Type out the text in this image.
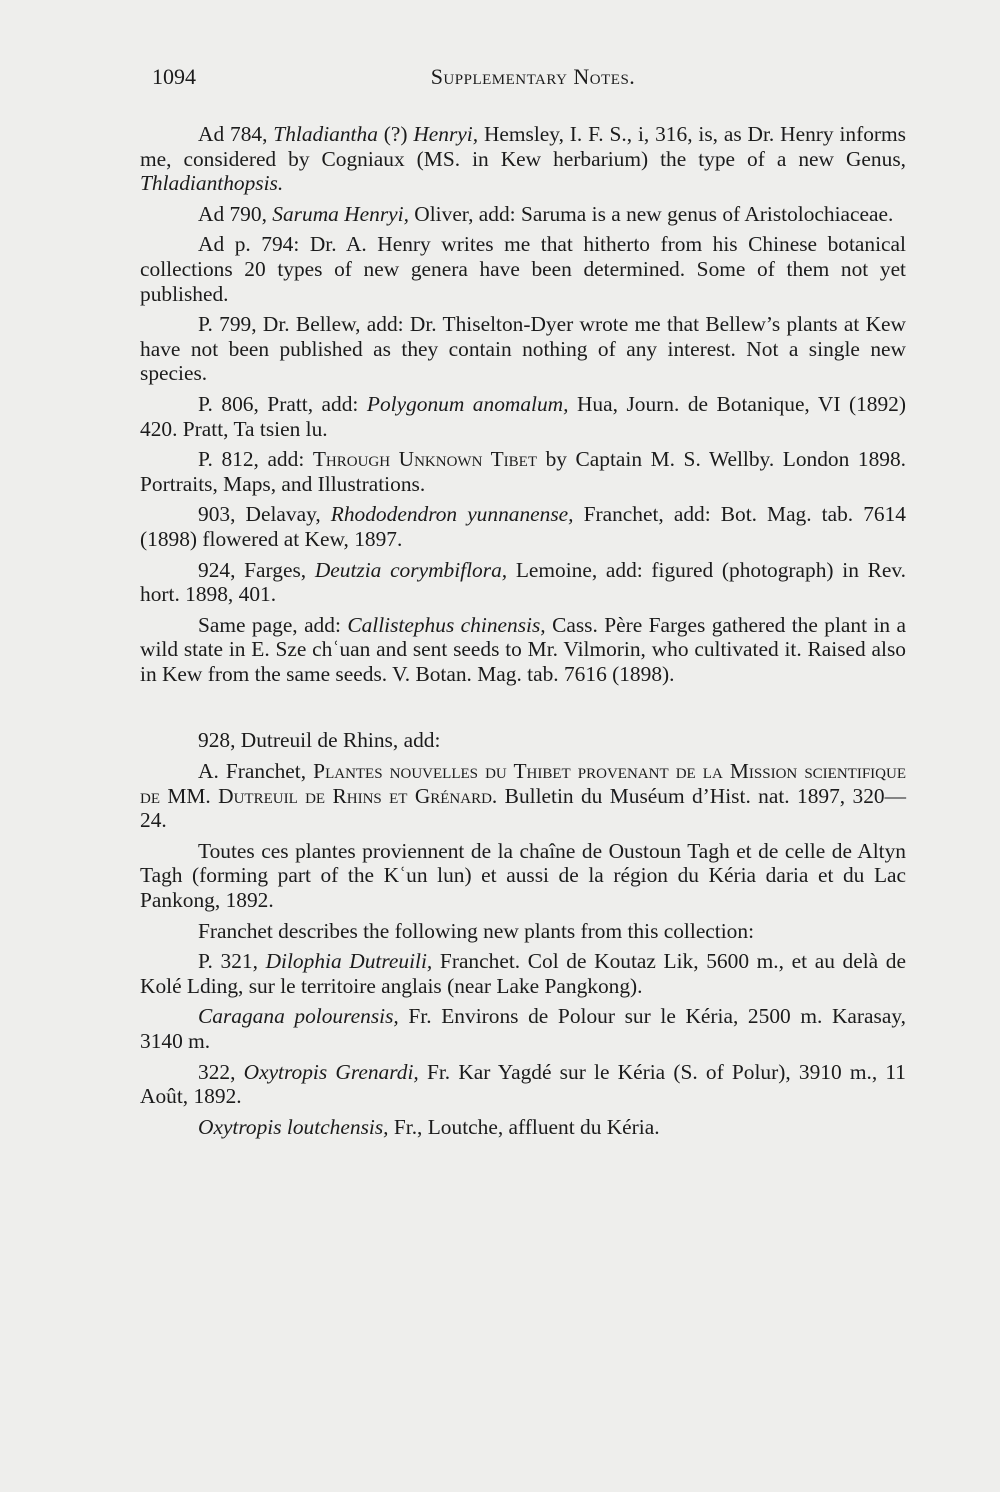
1094	Supplementary Notes.

Ad 784, Thladiantha (?) Henryi, Hemsley, I. F. S., i, 316, is, as Dr. Henry informs me, considered by Cogniaux (MS. in Kew herbarium) the type of a new Genus, Thladianthopsis.

Ad 790, Saruma Henryi, Oliver, add: Saruma is a new genus of Aristolochiaceae.

Ad p. 794: Dr. A. Henry writes me that hitherto from his Chinese botanical collections 20 types of new genera have been determined. Some of them not yet published.

P. 799, Dr. Bellew, add: Dr. Thiselton-Dyer wrote me that Bellew’s plants at Kew have not been published as they contain nothing of any interest. Not a single new species.

P. 806, Pratt, add: Polygonum anomalum, Hua, Journ. de Botanique, VI (1892) 420. Pratt, Ta tsien lu.

P. 812, add: Through Unknown Tibet by Captain M. S. Wellby. London 1898. Portraits, Maps, and Illustrations.

903, Delavay, Rhododendron yunnanense, Franchet, add: Bot. Mag. tab. 7614 (1898) flowered at Kew, 1897.

924, Farges, Deutzia corymbiflora, Lemoine, add: figured (photograph) in Rev. hort. 1898, 401.

Same page, add: Callistephus chinensis, Cass. Père Farges gathered the plant in a wild state in E. Sze chʿuan and sent seeds to Mr. Vilmorin, who cultivated it. Raised also in Kew from the same seeds. V. Botan. Mag. tab. 7616 (1898).

928, Dutreuil de Rhins, add:

A. Franchet, Plantes nouvelles du Thibet provenant de la Mission scientifique de MM. Dutreuil de Rhins et Grénard. Bulletin du Muséum d’Hist. nat. 1897, 320—24.

Toutes ces plantes proviennent de la chaîne de Oustoun Tagh et de celle de Altyn Tagh (forming part of the Kʿun lun) et aussi de la région du Kéria daria et du Lac Pankong, 1892.

Franchet describes the following new plants from this collection:

P. 321, Dilophia Dutreuili, Franchet. Col de Koutaz Lik, 5600 m., et au delà de Kolé Lding, sur le territoire anglais (near Lake Pangkong).

Caragana polourensis, Fr. Environs de Polour sur le Kéria, 2500 m. Karasay, 3140 m.

322, Oxytropis Grenardi, Fr. Kar Yagdé sur le Kéria (S. of Polur), 3910 m., 11 Août, 1892.

Oxytropis loutchensis, Fr., Loutche, affluent du Kéria.
